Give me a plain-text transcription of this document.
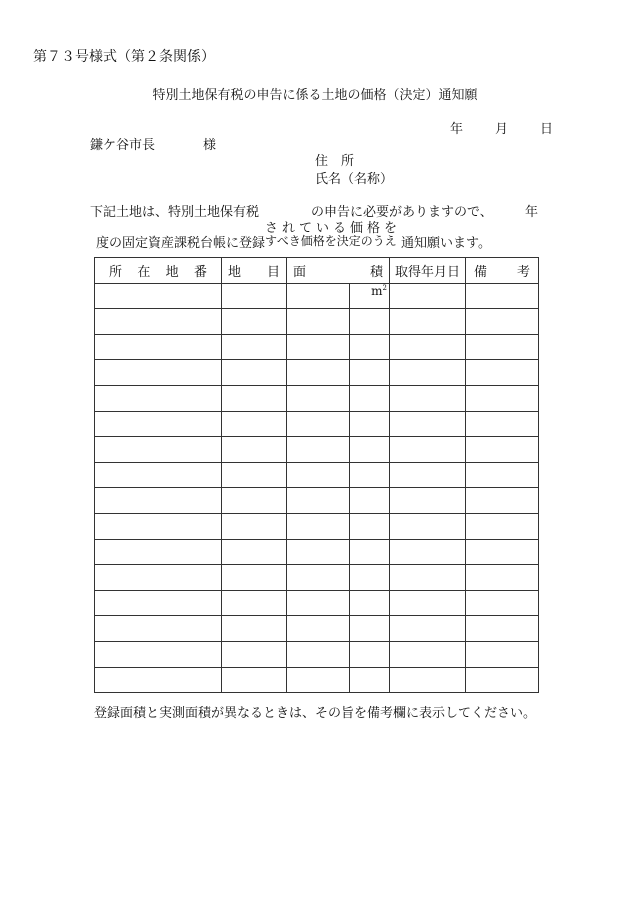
第７３号様式（第２条関係）
特別土地保有税の申告に係る土地の価格（決定）通知願
年 月 日
鎌ケ谷市長	様
住　所
氏名（名称）
下記土地は、特別土地保有税	の申告に必要がありますので、 年
度の固定資産課税台帳に登録
されている価格を
すべき価格を決定のうえ 通知願います。
所 在 地 番	地 目	面	積	取得年月日	備 考

			$m^2$		

登録面積と実測面積が異なるときは、その旨を備考欄に表示してください。
